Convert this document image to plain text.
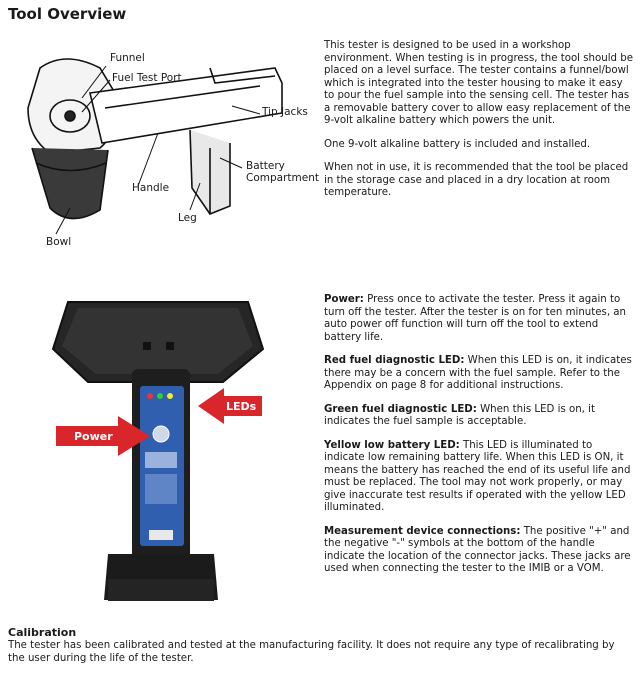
Tool Overview
Funnel
Fuel Test Port
Tip Jacks
Battery
Compartment
Handle
Leg
Bowl

This tester is designed to be used in a workshop environment. When testing is in progress, the tool should be placed on a level surface. The tester contains a funnel/bowl which is integrated into the tester housing to make it easy to pour the fuel sample into the sensing cell. The tester has a removable battery cover to allow easy replacement of the 9-volt alkaline battery which powers the unit.

One 9-volt alkaline battery is included and installed.

When not in use, it is recommended that the tool be placed in the storage case and placed in a dry location at room temperature.

LEDs
Power

Power: Press once to activate the tester. Press it again to turn off the tester. After the tester is on for ten minutes, an auto power off function will turn off the tool to extend battery life.

Red fuel diagnostic LED: When this LED is on, it indicates there may be a concern with the fuel sample. Refer to the Appendix on page 8 for additional instructions.

Green fuel diagnostic LED: When this LED is on, it indicates the fuel sample is acceptable.

Yellow low battery LED: This LED is illuminated to indicate low remaining battery life. When this LED is ON, it means the battery has reached the end of its useful life and must be replaced. The tool may not work properly, or may give inaccurate test results if operated with the yellow LED illuminated.

Measurement device connections: The positive "+" and the negative "-" symbols at the bottom of the handle indicate the location of the connector jacks. These jacks are used when connecting the tester to the IMIB or a VOM.

Calibration
The tester has been calibrated and tested at the manufacturing facility. It does not require any type of recalibrating by the user during the life of the tester.
